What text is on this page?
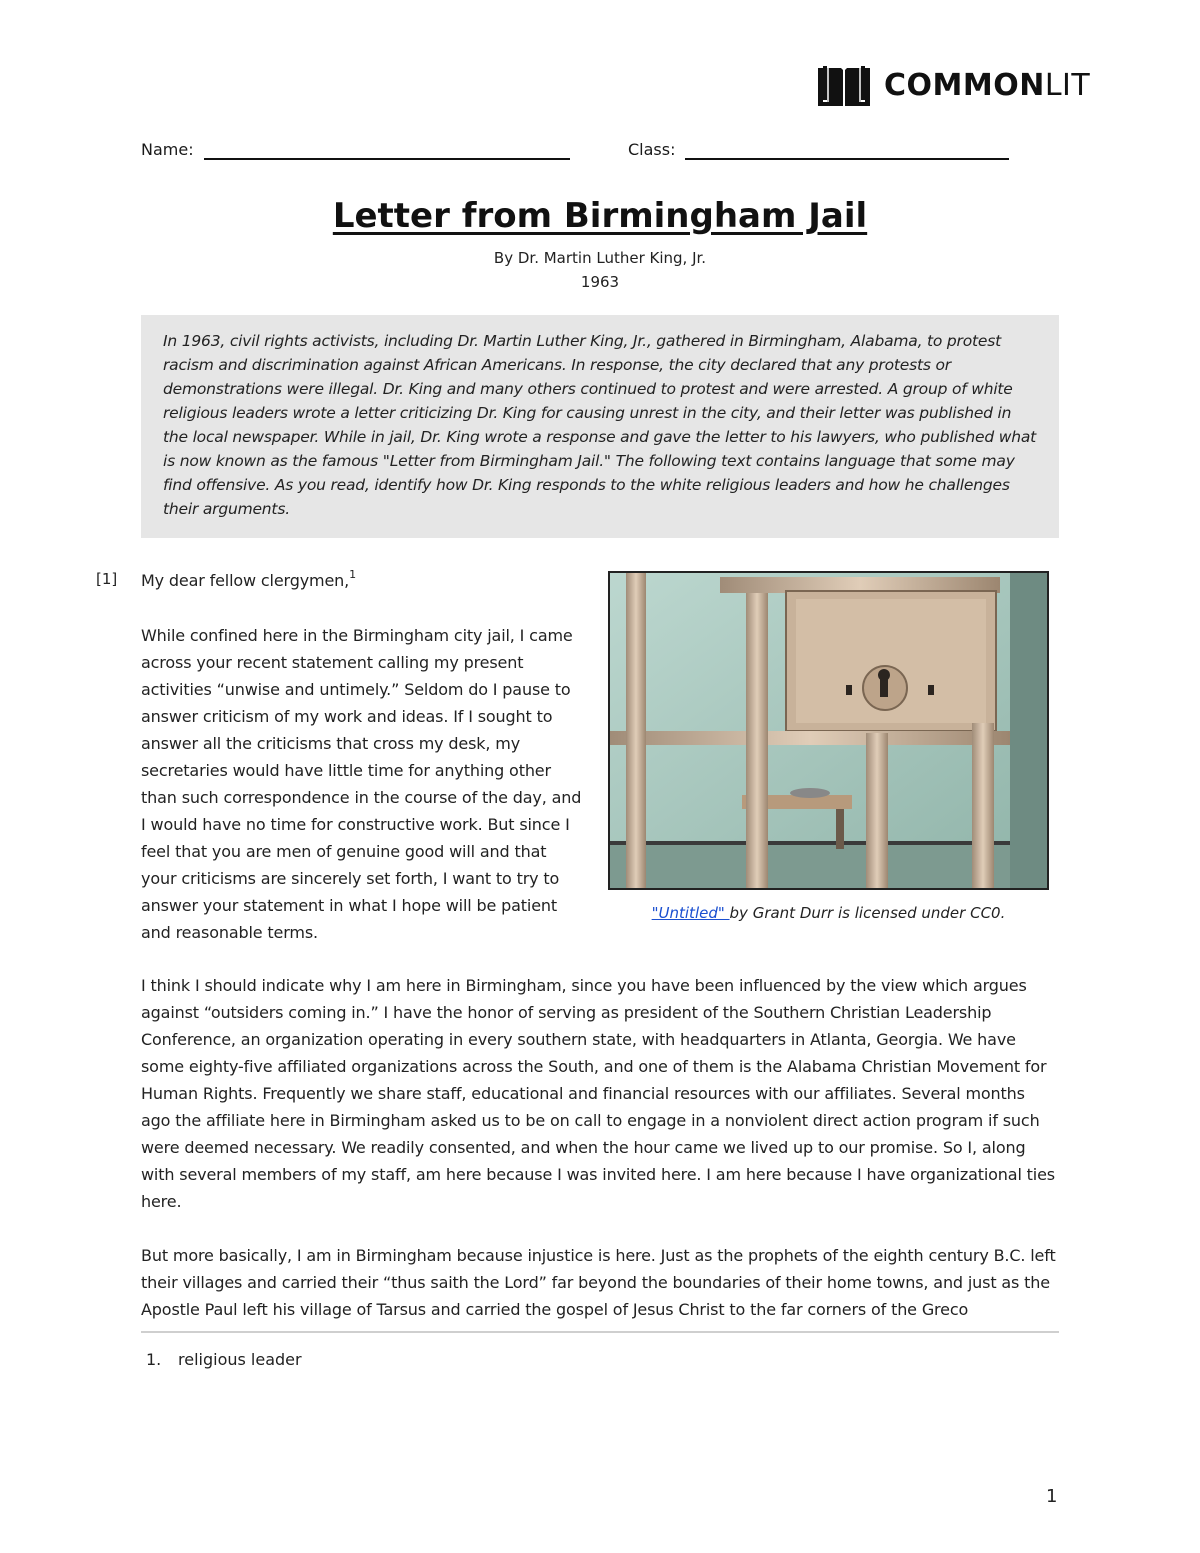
COMMONLIT
Name:	Class:
Letter from Birmingham Jail
By Dr. Martin Luther King, Jr.
1963

In 1963, civil rights activists, including Dr. Martin Luther King, Jr., gathered in Birmingham, Alabama, to protest racism and discrimination against African Americans. In response, the city declared that any protests or demonstrations were illegal. Dr. King and many others continued to protest and were arrested. A group of white religious leaders wrote a letter criticizing Dr. King for causing unrest in the city, and their letter was published in the local newspaper. While in jail, Dr. King wrote a response and gave the letter to his lawyers, who published what is now known as the famous "Letter from Birmingham Jail." The following text contains language that some may find offensive. As you read, identify how Dr. King responds to the white religious leaders and how he challenges their arguments.

[1] My dear fellow clergymen,$^1$

While confined here in the Birmingham city jail, I came across your recent statement calling my present activities “unwise and untimely.” Seldom do I pause to answer criticism of my work and ideas. If I sought to answer all the criticisms that cross my desk, my secretaries would have little time for anything other than such correspondence in the course of the day, and I would have no time for constructive work. But since I feel that you are men of genuine good will and that your criticisms are sincerely set forth, I want to try to answer your statement in what I hope will be patient and reasonable terms.

"Untitled" by Grant Durr is licensed under CC0.

I think I should indicate why I am here in Birmingham, since you have been influenced by the view which argues against “outsiders coming in.” I have the honor of serving as president of the Southern Christian Leadership Conference, an organization operating in every southern state, with headquarters in Atlanta, Georgia. We have some eighty-five affiliated organizations across the South, and one of them is the Alabama Christian Movement for Human Rights. Frequently we share staff, educational and financial resources with our affiliates. Several months ago the affiliate here in Birmingham asked us to be on call to engage in a nonviolent direct action program if such were deemed necessary. We readily consented, and when the hour came we lived up to our promise. So I, along with several members of my staff, am here because I was invited here. I am here because I have organizational ties here.

But more basically, I am in Birmingham because injustice is here. Just as the prophets of the eighth century B.C. left their villages and carried their “thus saith the Lord” far beyond the boundaries of their home towns, and just as the Apostle Paul left his village of Tarsus and carried the gospel of Jesus Christ to the far corners of the Greco

1. religious leader
1
